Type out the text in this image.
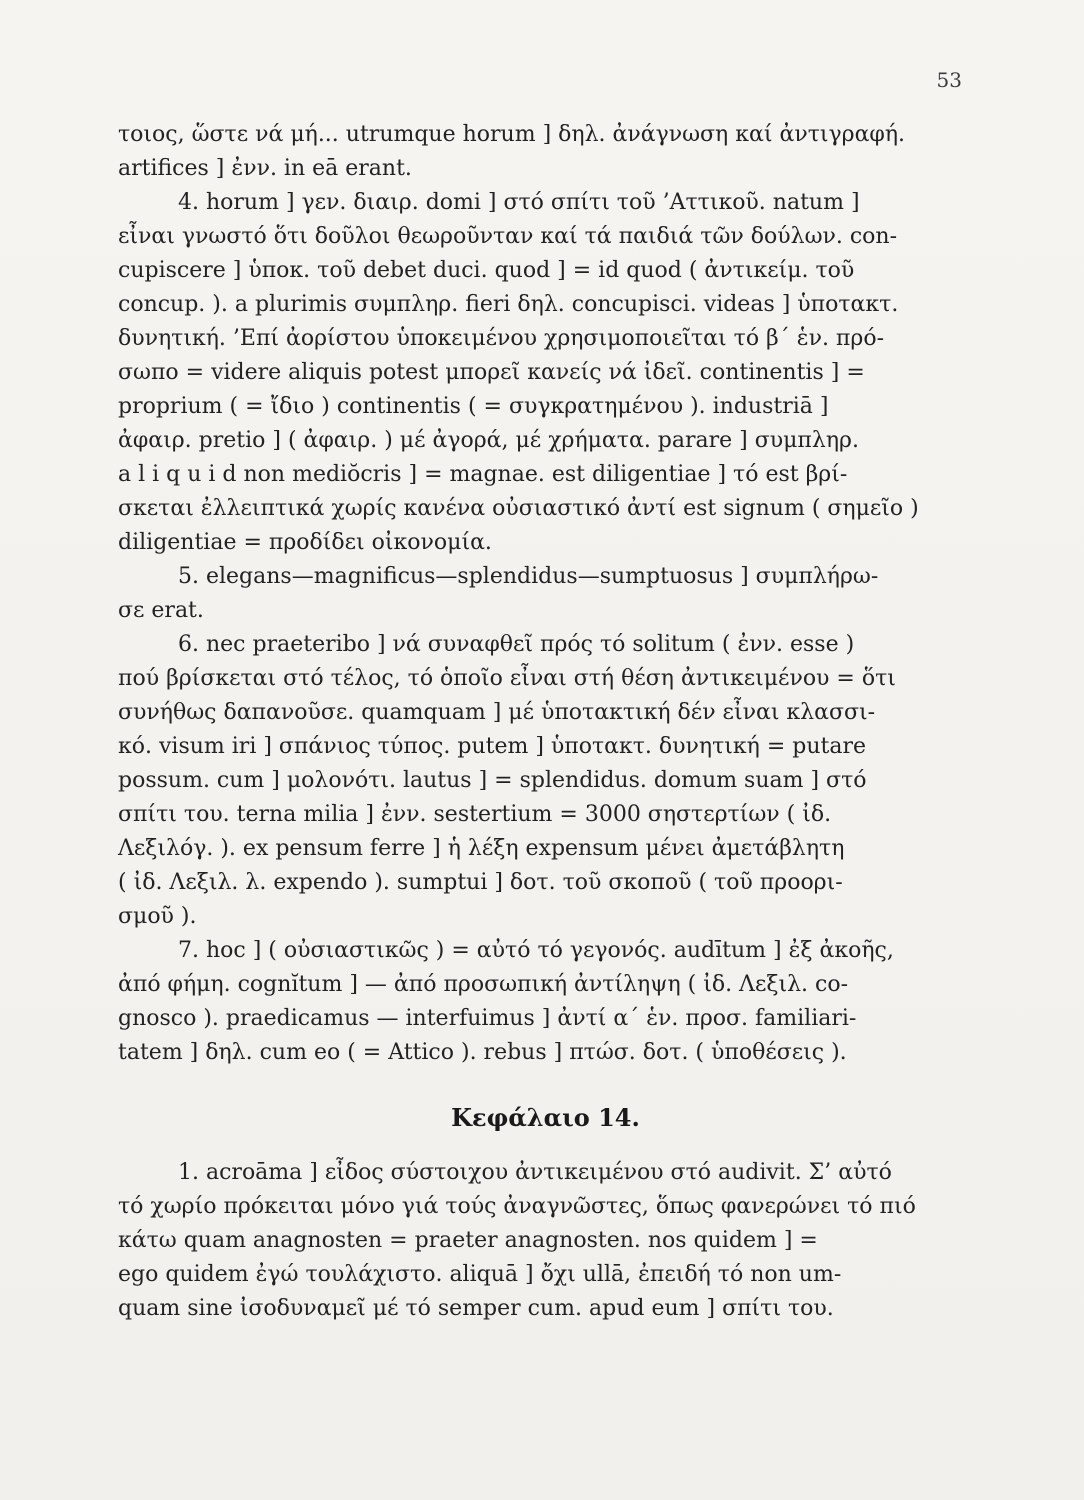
53
τοιος, ὥστε νά μή... utrumque horum ] δηλ. ἀνάγνωση καί ἀντιγραφή.
artifices ] ἐνν. in eā erant.
4. horum ] γεν. διαιρ. domi ] στό σπίτι τοῦ ’Αττικοῦ. natum ]
εἶναι γνωστό ὅτι δοῦλοι θεωροῦνταν καί τά παιδιά τῶν δούλων. con-
cupiscere ] ὑποκ. τοῦ debet duci. quod ] = id quod ( ἀντικείμ. τοῦ
concup. ). a plurimis συμπληρ. fieri δηλ. concupisci. videas ] ὑποτακτ.
δυνητική. ’Επί ἀορίστου ὑποκειμένου χρησιμοποιεῖται τό β΄ ἑν. πρό-
σωπο = videre aliquis potest μπορεῖ κανείς νά ἰδεῖ. continentis ] =
proprium ( = ἴδιο ) continentis ( = συγκρατημένου ). industriā ]
ἀφαιρ. pretio ] ( ἀφαιρ. ) μέ ἀγορά, μέ χρήματα. parare ] συμπληρ.
a l i q u i d non mediŏcris ] = magnae. est diligentiae ] τό est βρί-
σκεται ἐλλειπτικά χωρίς κανένα οὐσιαστικό ἀντί est signum ( σημεῖο )
diligentiae = προδίδει οἰκονομία.
5. elegans—magnificus—splendidus—sumptuosus ] συμπλήρω-
σε erat.
6. nec praeteribo ] νά συναφθεῖ πρός τό solitum ( ἐνν. esse )
πού βρίσκεται στό τέλος, τό ὁποῖο εἶναι στή θέση ἀντικειμένου = ὅτι
συνήθως δαπανοῦσε. quamquam ] μέ ὑποτακτική δέν εἶναι κλασσι-
κό. visum iri ] σπάνιος τύπος. putem ] ὑποτακτ. δυνητική = putare
possum. cum ] μολονότι. lautus ] = splendidus. domum suam ] στό
σπίτι του. terna milia ] ἐνν. sestertium = 3000 σηστερτίων ( ἰδ.
Λεξιλόγ. ). ex pensum ferre ] ἡ λέξη expensum μένει ἀμετάβλητη
( ἰδ. Λεξιλ. λ. expendo ). sumptui ] δοτ. τοῦ σκοποῦ ( τοῦ προορι-
σμοῦ ).
7. hoc ] ( οὐσιαστικῶς ) = αὐτό τό γεγονός. audītum ] ἐξ ἀκοῆς,
ἀπό φήμη. cognĭtum ] — ἀπό προσωπική ἀντίληψη ( ἰδ. Λεξιλ. co-
gnosco ). praedicamus — interfuimus ] ἀντί α΄ ἑν. προσ. familiari-
tatem ] δηλ. cum eo ( = Attico ). rebus ] πτώσ. δοτ. ( ὑποθέσεις ).
Κεφάλαιο 14.
1. acroāma ] εἶδος σύστοιχου ἀντικειμένου στό audivit. Σ’ αὐτό
τό χωρίο πρόκειται μόνο γιά τούς ἀναγνῶστες, ὅπως φανερώνει τό πιό
κάτω quam anagnosten = praeter anagnosten. nos quidem ] =
ego quidem ἐγώ τουλάχιστο. aliquā ] ὄχι ullā, ἐπειδή τό non um-
quam sine ἰσοδυναμεῖ μέ τό semper cum. apud eum ] σπίτι του.
